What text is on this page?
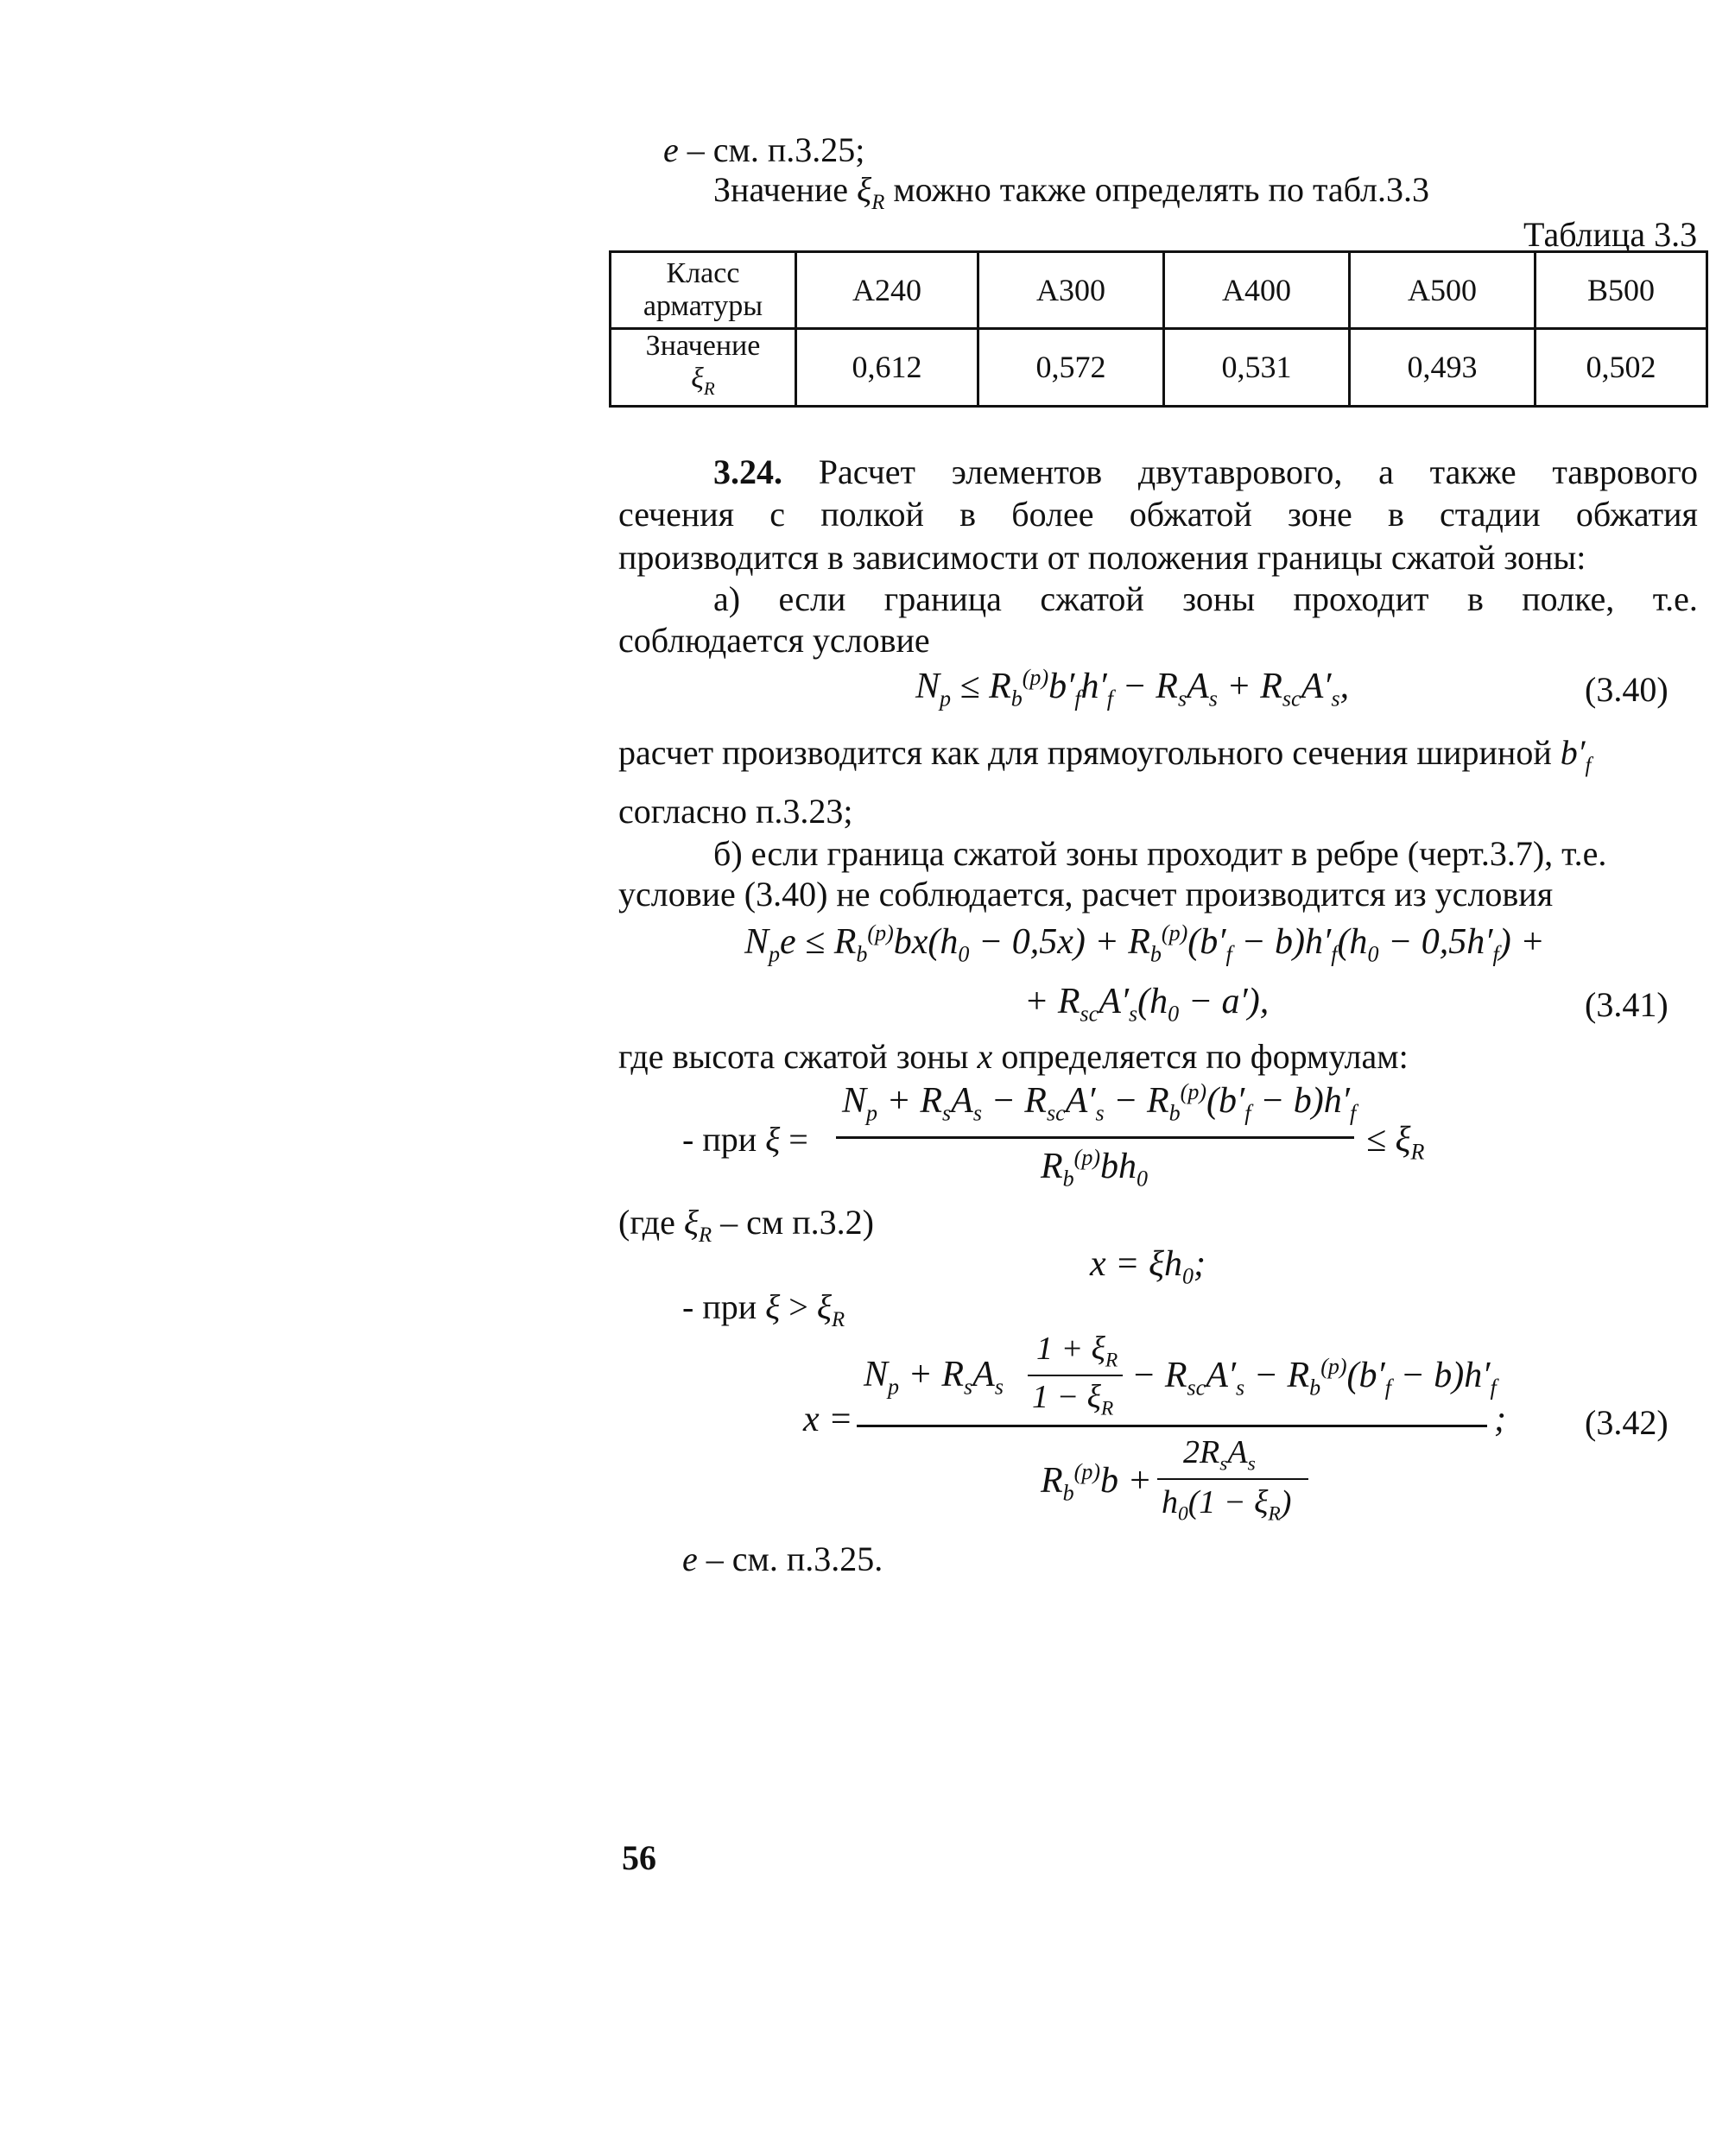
e – см. п.3.25;
Значение $\xi_R$ можно также определять по табл.3.3
Таблица 3.3
Класс
арматуры	A240	A300	A400	A500	B500
Значение
$\xi_R$	0,612	0,572	0,531	0,493	0,502
3.24. Расчет элементов двутаврового, а также таврового
сечения с полкой в более обжатой зоне в стадии обжатия
производится в зависимости от положения границы сжатой зоны:
а) если граница сжатой зоны проходит в полке, т.е.
соблюдается условие
$N_p \le R_b^{(p)}b'_fh'_f - R_sA_s + R_{sc}A'_s$,	(3.40)
расчет производится как для прямоугольного сечения шириной $b'_f$
согласно п.3.23;
б) если граница сжатой зоны проходит в ребре (черт.3.7), т.е.
условие (3.40) не соблюдается, расчет производится из условия
$N_pe \le R_b^{(p)}bx(h_0 - 0,5x) + R_b^{(p)}(b'_f - b)h'_f(h_0 - 0,5h'_f)$ +
+ $R_{sc}A'_s(h_0 - a')$,	(3.41)
где высота сжатой зоны x определяется по формулам:
- при ξ =
$N_p + R_sA_s - R_{sc}A'_s - R_b^{(p)}(b'_f - b)h'_f$
$R_b^{(p)}bh_0$
≤ $\xi_R$
(где $\xi_R$ – см п.3.2)
$x = \xi h_0$;
- при $\xi > \xi_R$
x =
$N_p + R_sA_s$
$1 + \xi_R$
$1 - \xi_R$
− $R_{sc}A'_s - R_b^{(p)}(b'_f - b)h'_f$
;
$R_b^{(p)}b$ +
$2R_sA_s$
$h_0(1 - \xi_R)$
(3.42)
e – см. п.3.25.
56
